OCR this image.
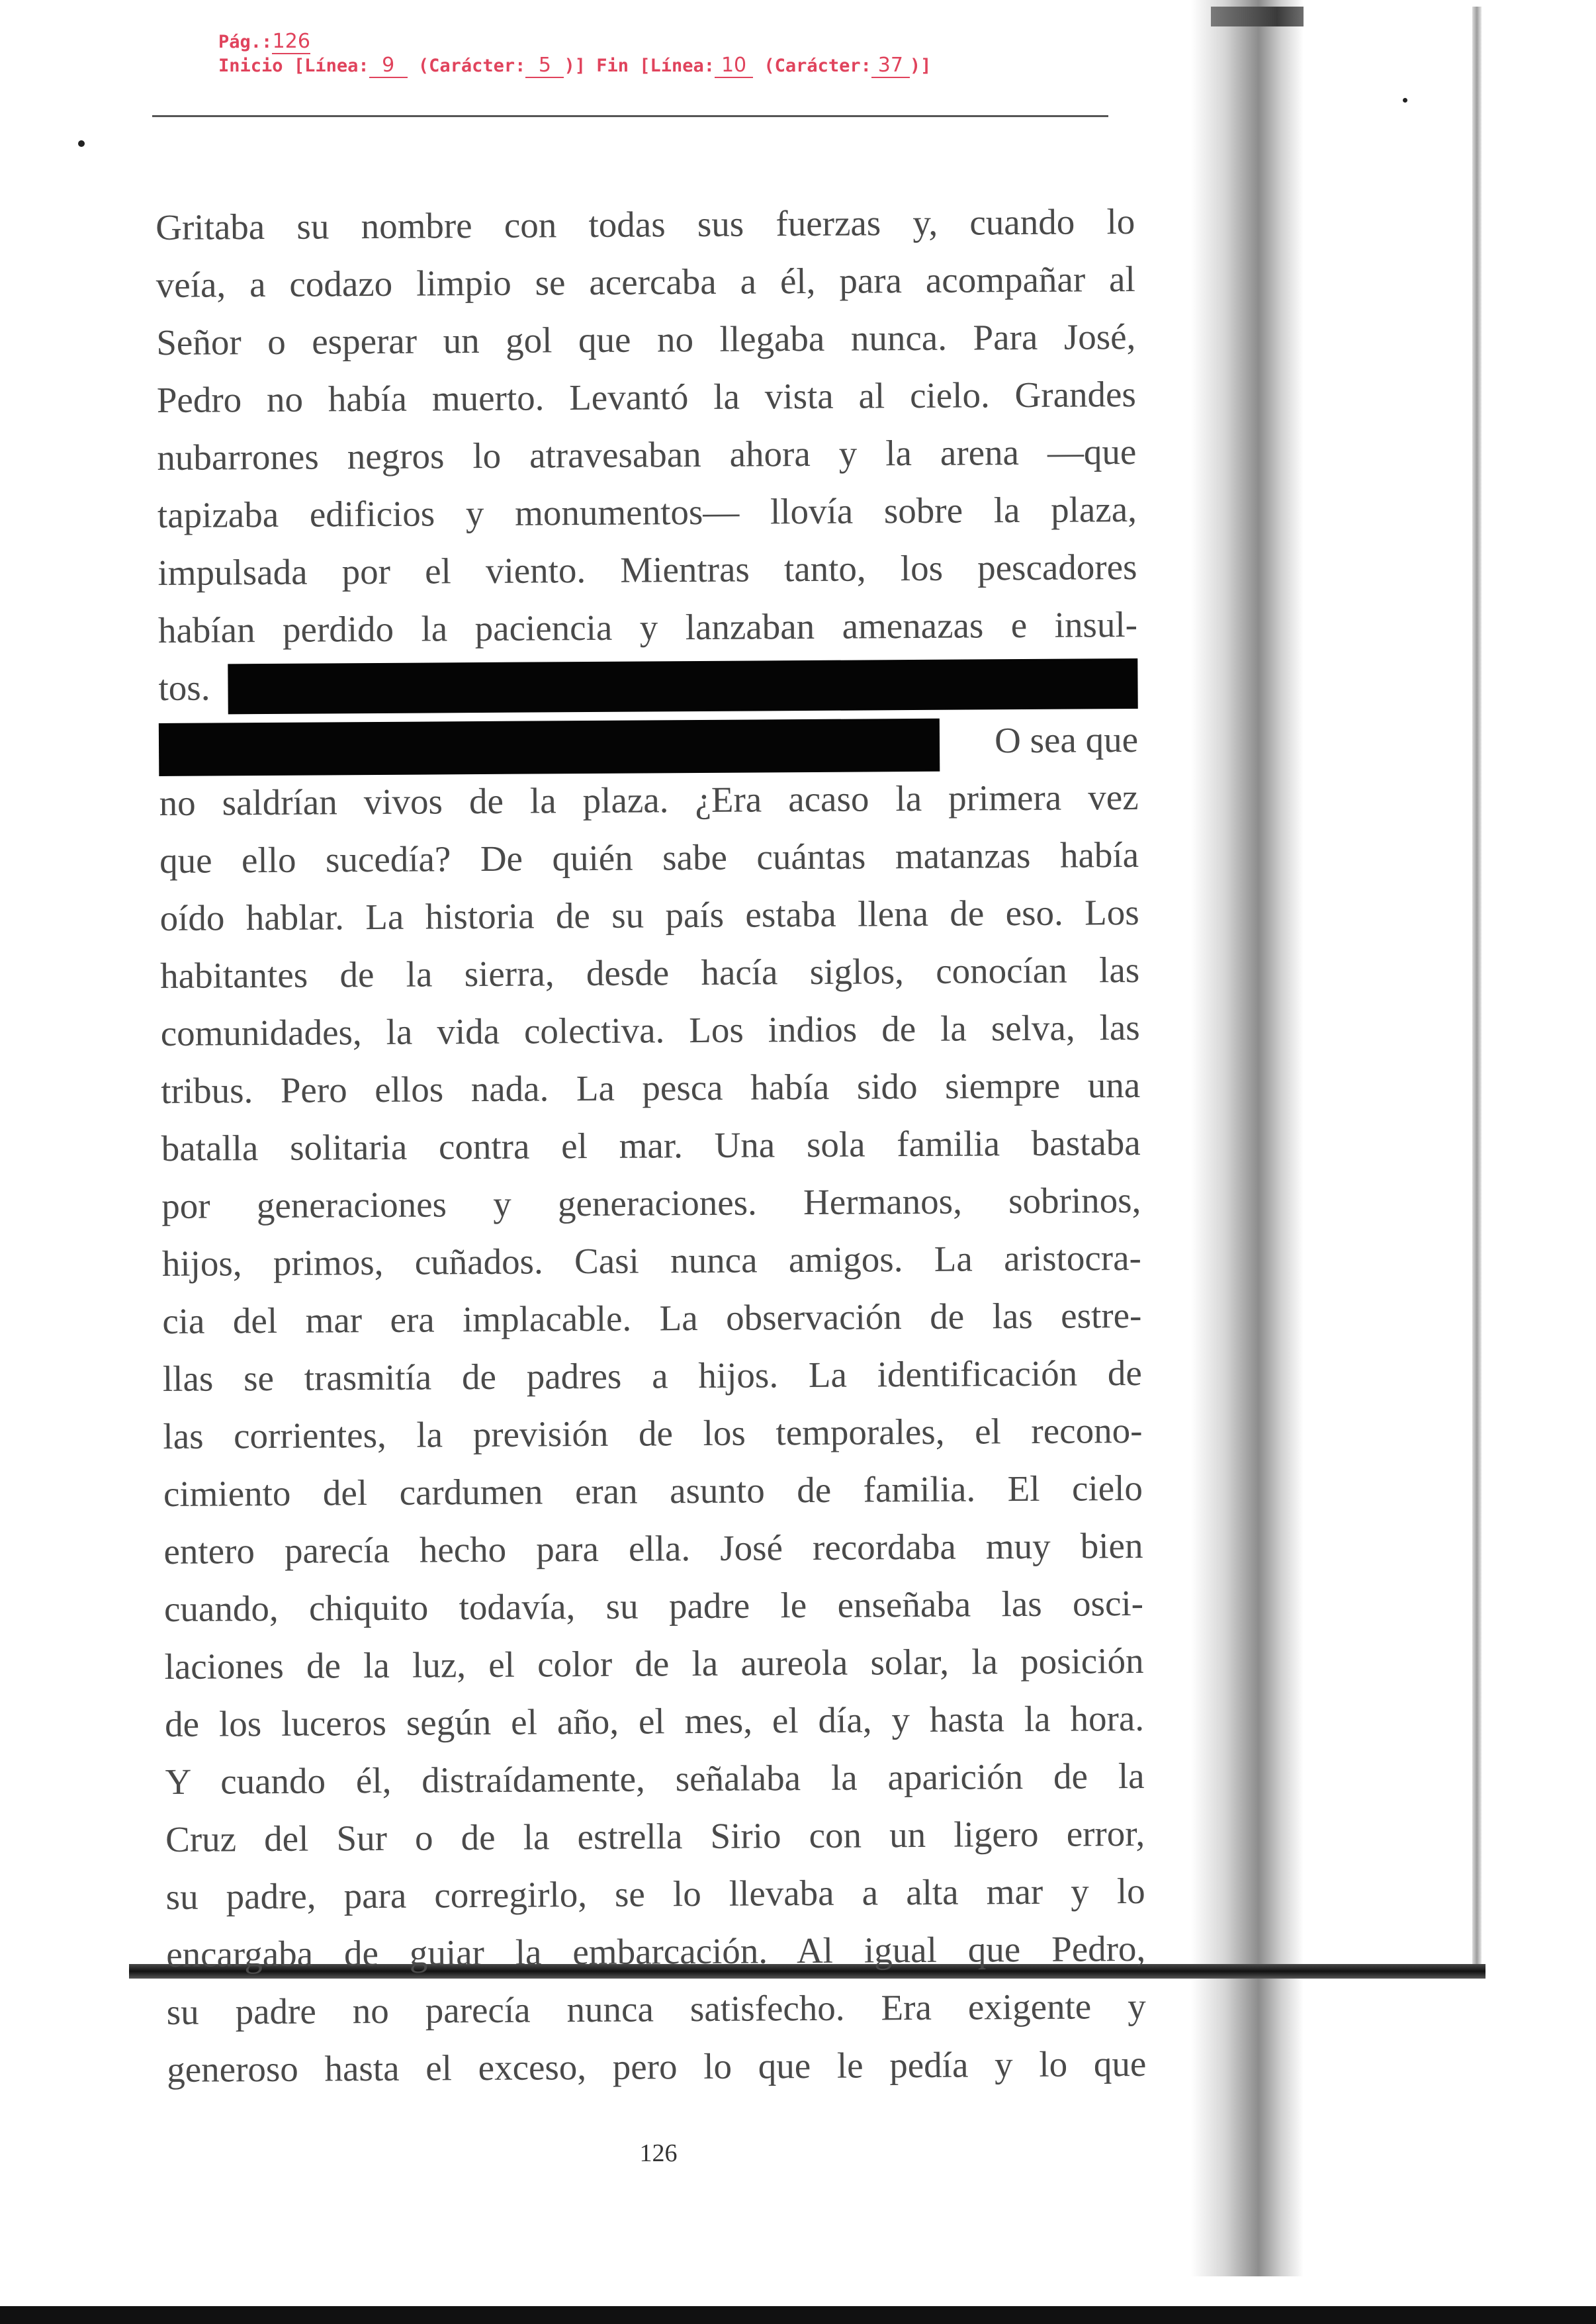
Pág.:126
Inicio [Línea: 9 (Carácter: 5 )] Fin [Línea: 10 (Carácter: 37 )]
Gritaba su nombre con todas sus fuerzas y, cuando lo
veía, a codazo limpio se acercaba a él, para acompañar al
Señor o esperar un gol que no llegaba nunca. Para José,
Pedro no había muerto. Levantó la vista al cielo. Grandes
nubarrones negros lo atravesaban ahora y la arena —que
tapizaba edificios y monumentos— llovía sobre la plaza,
impulsada por el viento. Mientras tanto, los pescadores
habían perdido la paciencia y lanzaban amenazas e insul-
tos.
O sea que
no saldrían vivos de la plaza. ¿Era acaso la primera vez
que ello sucedía? De quién sabe cuántas matanzas había
oído hablar. La historia de su país estaba llena de eso. Los
habitantes de la sierra, desde hacía siglos, conocían las
comunidades, la vida colectiva. Los indios de la selva, las
tribus. Pero ellos nada. La pesca había sido siempre una
batalla solitaria contra el mar. Una sola familia bastaba
por generaciones y generaciones. Hermanos, sobrinos,
hijos, primos, cuñados. Casi nunca amigos. La aristocra-
cia del mar era implacable. La observación de las estre-
llas se trasmitía de padres a hijos. La identificación de
las corrientes, la previsión de los temporales, el recono-
cimiento del cardumen eran asunto de familia. El cielo
entero parecía hecho para ella. José recordaba muy bien
cuando, chiquito todavía, su padre le enseñaba las osci-
laciones de la luz, el color de la aureola solar, la posición
de los luceros según el año, el mes, el día, y hasta la hora.
Y cuando él, distraídamente, señalaba la aparición de la
Cruz del Sur o de la estrella Sirio con un ligero error,
su padre, para corregirlo, se lo llevaba a alta mar y lo
encargaba de guiar la embarcación. Al igual que Pedro,
su padre no parecía nunca satisfecho. Era exigente y
generoso hasta el exceso, pero lo que le pedía y lo que
126
